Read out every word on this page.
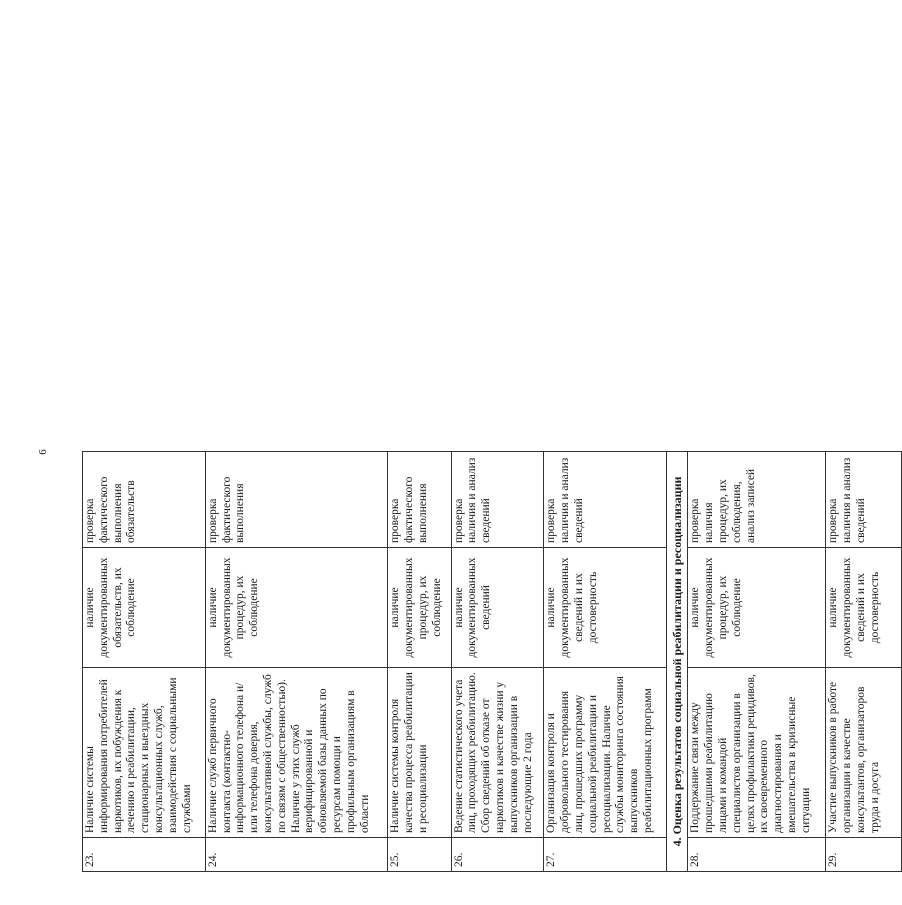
6
23.	Наличие системы информирования потребителей наркотиков, их побуждения к лечению и реабилитации, стационарных и выездных консультационных служб, взаимодействия с социальными службами	наличие документированных обязательств, их соблюдение	проверка фактического выполнения обязательств
24.	Наличие служб первичного контакта (контактно-информационного телефона и/или телефона доверия, консультативной службы, служб по связям с общественностью). Наличие у этих служб верифицированной и обновляемой базы данных по ресурсам помощи и профильным организациям в области	наличие документированных процедур, их соблюдение	проверка фактического выполнения
25.	Наличие системы контроля качества процесса реабилитации и ресоциализации	наличие документированных процедур, их соблюдение	проверка фактического выполнения
26.	Ведение статистического учета лиц, проходящих реабилитацию. Сбор сведений об отказе от наркотиков и качестве жизни у выпускников организации в последующие 2 года	наличие документированных сведений	проверка наличия и анализ сведений
27.	Организация контроля и добровольного тестирования лиц, прошедших программу социальной реабилитации и ресоциализации. Наличие службы мониторинга состояния выпускников реабилитационных программ	наличие документированных сведений и их достоверность	проверка наличия и анализ сведений
4. Оценка результатов социальной реабилитации и ресоциализации			
28.	Поддержание связи между прошедшими реабилитацию лицами и командой специалистов организации в целях профилактики рецидивов, их своевременного диагностирования и вмешательства в кризисные ситуации	наличие документированных процедур, их соблюдение	проверка наличия процедур, их соблюдения, анализ записей
29.	Участие выпускников в работе организации в качестве консультантов, организаторов труда и досуга	наличие документированных сведений и их достоверность	проверка наличия и анализ сведений
